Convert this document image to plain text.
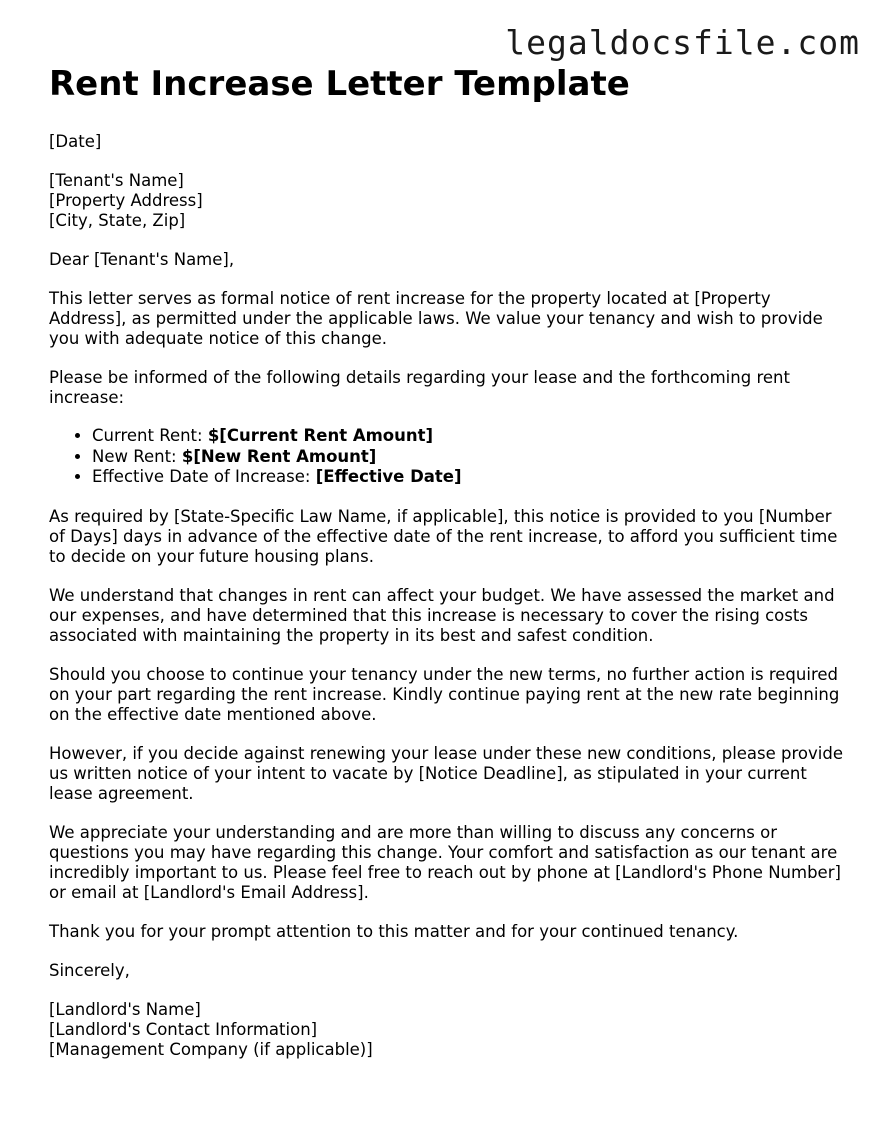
legaldocsfile.com
Rent Increase Letter Template

[Date]

[Tenant's Name]
[Property Address]
[City, State, Zip]

Dear [Tenant's Name],

This letter serves as formal notice of rent increase for the property located at [Property Address], as permitted under the applicable laws. We value your tenancy and wish to provide you with adequate notice of this change.

Please be informed of the following details regarding your lease and the forthcoming rent increase:

• Current Rent: $[Current Rent Amount]
• New Rent: $[New Rent Amount]
• Effective Date of Increase: [Effective Date]

As required by [State-Specific Law Name, if applicable], this notice is provided to you [Number of Days] days in advance of the effective date of the rent increase, to afford you sufficient time to decide on your future housing plans.

We understand that changes in rent can affect your budget. We have assessed the market and our expenses, and have determined that this increase is necessary to cover the rising costs associated with maintaining the property in its best and safest condition.

Should you choose to continue your tenancy under the new terms, no further action is required on your part regarding the rent increase. Kindly continue paying rent at the new rate beginning on the effective date mentioned above.

However, if you decide against renewing your lease under these new conditions, please provide us written notice of your intent to vacate by [Notice Deadline], as stipulated in your current lease agreement.

We appreciate your understanding and are more than willing to discuss any concerns or questions you may have regarding this change. Your comfort and satisfaction as our tenant are incredibly important to us. Please feel free to reach out by phone at [Landlord's Phone Number] or email at [Landlord's Email Address].

Thank you for your prompt attention to this matter and for your continued tenancy.

Sincerely,

[Landlord's Name]
[Landlord's Contact Information]
[Management Company (if applicable)]
